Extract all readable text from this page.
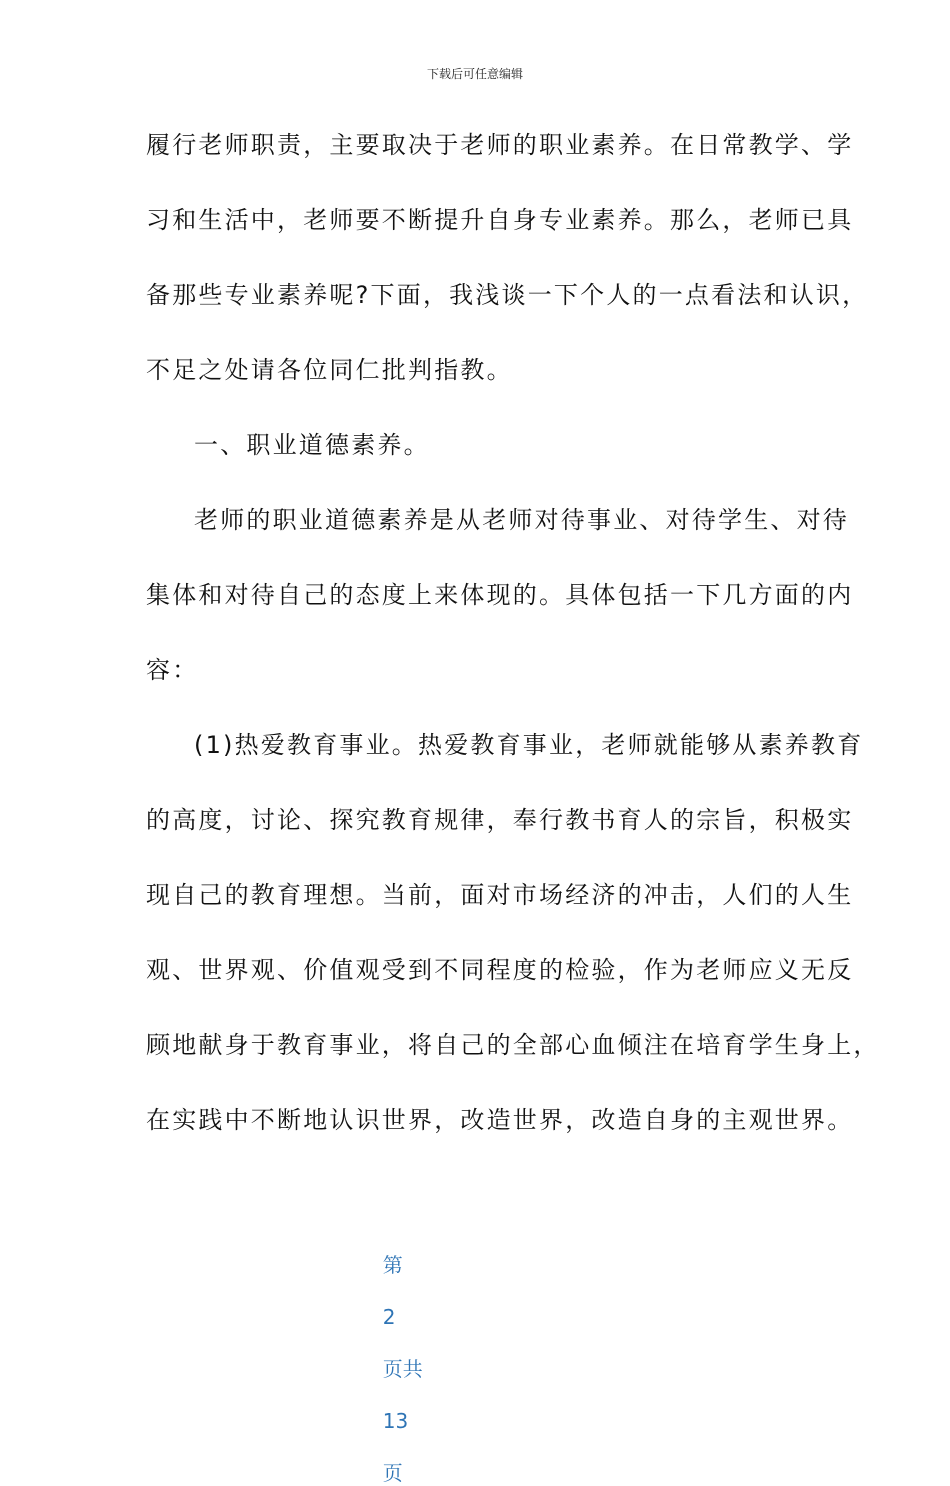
下载后可任意编辑
履行老师职责，主要取决于老师的职业素养。在日常教学、学
习和生活中，老师要不断提升自身专业素养。那么，老师已具
备那些专业素养呢?下面，我浅谈一下个人的一点看法和认识，
不足之处请各位同仁批判指教。
一、职业道德素养。
老师的职业道德素养是从老师对待事业、对待学生、对待
集体和对待自己的态度上来体现的。具体包括一下几方面的内
容：
(1)热爱教育事业。热爱教育事业，老师就能够从素养教育
的高度，讨论、探究教育规律，奉行教书育人的宗旨，积极实
现自己的教育理想。当前，面对市场经济的冲击，人们的人生
观、世界观、价值观受到不同程度的检验，作为老师应义无反
顾地献身于教育事业，将自己的全部心血倾注在培育学生身上，
在实践中不断地认识世界，改造世界，改造自身的主观世界。

第

2

页共

13

页
